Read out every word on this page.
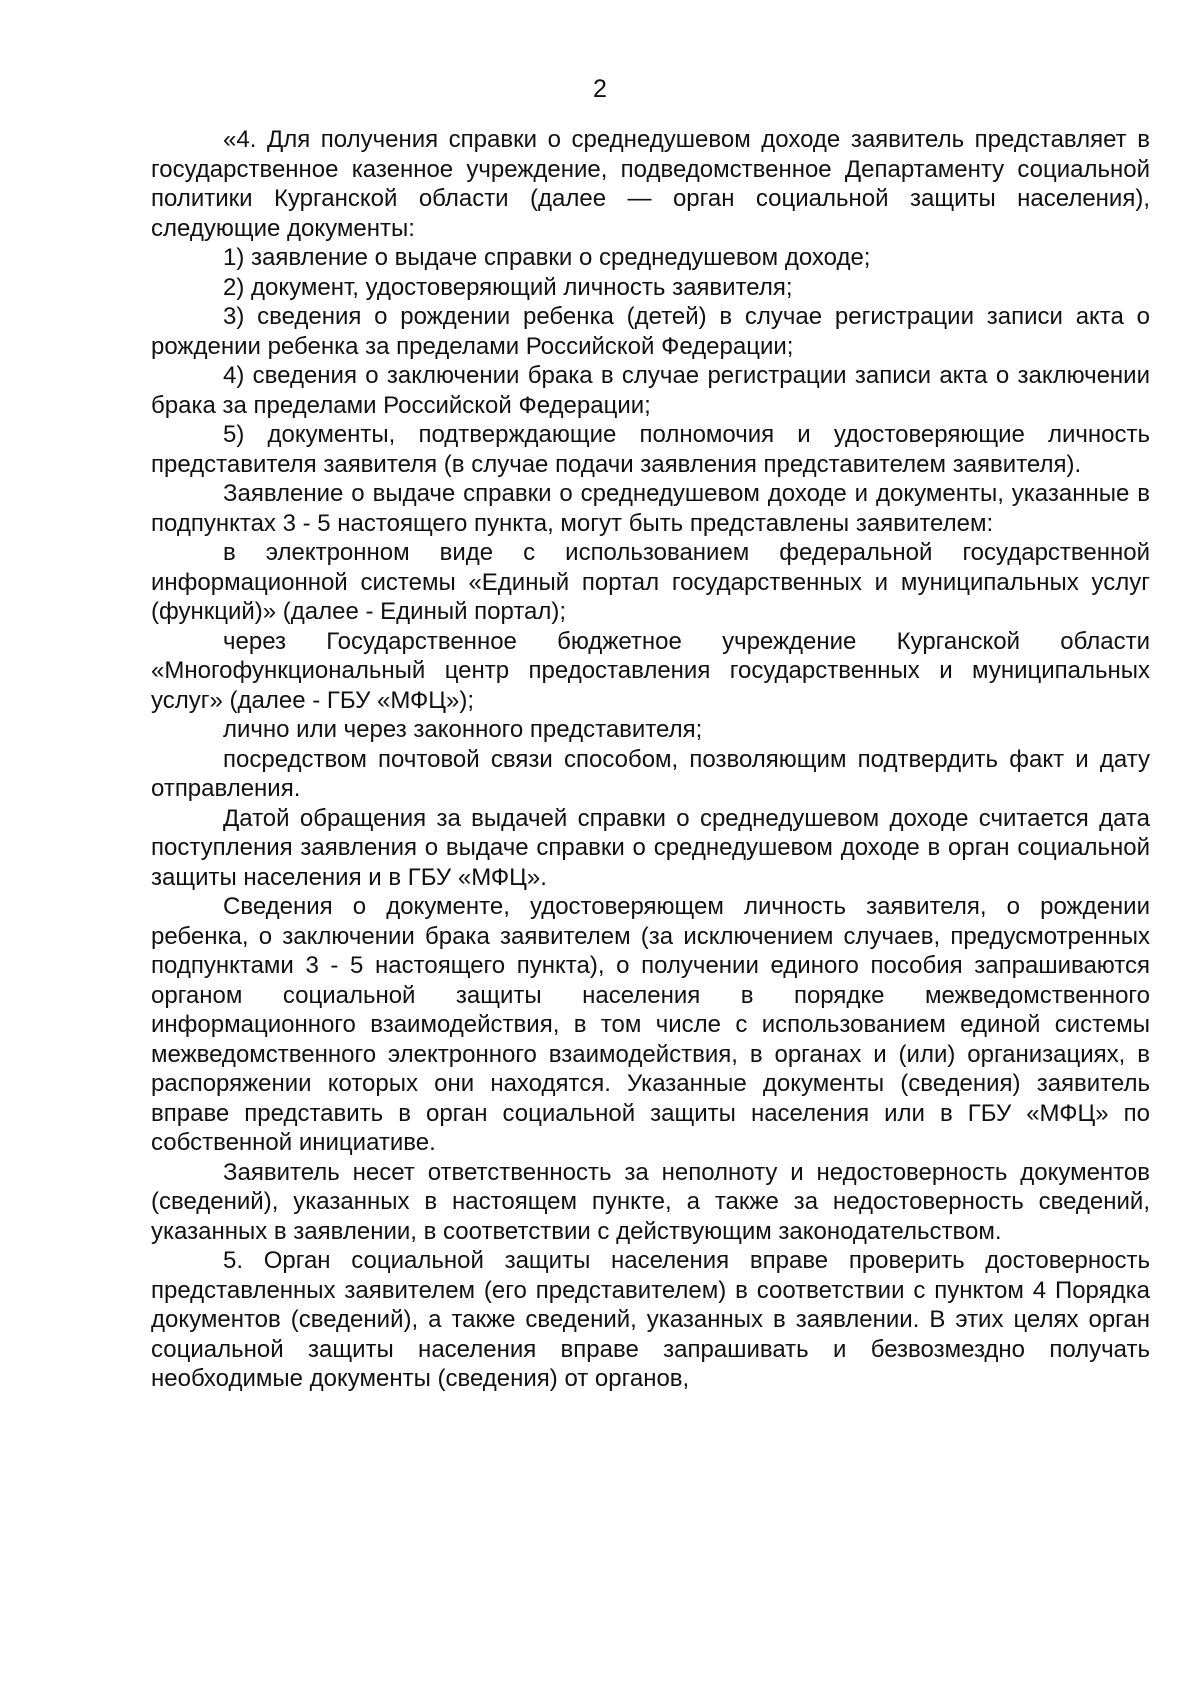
2

«4. Для получения справки о среднедушевом доходе заявитель представляет в государственное казенное учреждение, подведомственное Департаменту социальной политики Курганской области (далее — орган социальной защиты населения), следующие документы:

1) заявление о выдаче справки о среднедушевом доходе;

2) документ, удостоверяющий личность заявителя;

3) сведения о рождении ребенка (детей) в случае регистрации записи акта о рождении ребенка за пределами Российской Федерации;

4) сведения о заключении брака в случае регистрации записи акта о заключении брака за пределами Российской Федерации;

5) документы, подтверждающие полномочия и удостоверяющие личность представителя заявителя (в случае подачи заявления представителем заявителя).

Заявление о выдаче справки о среднедушевом доходе и документы, указанные в подпунктах 3 - 5 настоящего пункта, могут быть представлены заявителем:

в электронном виде с использованием федеральной государственной информационной системы «Единый портал государственных и муниципальных услуг (функций)» (далее - Единый портал);

через Государственное бюджетное учреждение Курганской области «Многофункциональный центр предоставления государственных и муниципальных услуг» (далее - ГБУ «МФЦ»);

лично или через законного представителя;

посредством почтовой связи способом, позволяющим подтвердить факт и дату отправления.

Датой обращения за выдачей справки о среднедушевом доходе считается дата поступления заявления о выдаче справки о среднедушевом доходе в орган социальной защиты населения и в ГБУ «МФЦ».

Сведения о документе, удостоверяющем личность заявителя, о рождении ребенка, о заключении брака заявителем (за исключением случаев, предусмотренных подпунктами 3 - 5 настоящего пункта), о получении единого пособия запрашиваются органом социальной защиты населения в порядке межведомственного информационного взаимодействия, в том числе с использованием единой системы межведомственного электронного взаимодействия, в органах и (или) организациях, в распоряжении которых они находятся. Указанные документы (сведения) заявитель вправе представить в орган социальной защиты населения или в ГБУ «МФЦ» по собственной инициативе.

Заявитель несет ответственность за неполноту и недостоверность документов (сведений), указанных в настоящем пункте, а также за недостоверность сведений, указанных в заявлении, в соответствии с действующим законодательством.

5. Орган социальной защиты населения вправе проверить достоверность представленных заявителем (его представителем) в соответствии с пунктом 4 Порядка документов (сведений), а также сведений, указанных в заявлении. В этих целях орган социальной защиты населения вправе запрашивать и безвозмездно получать необходимые документы (сведения) от органов,
